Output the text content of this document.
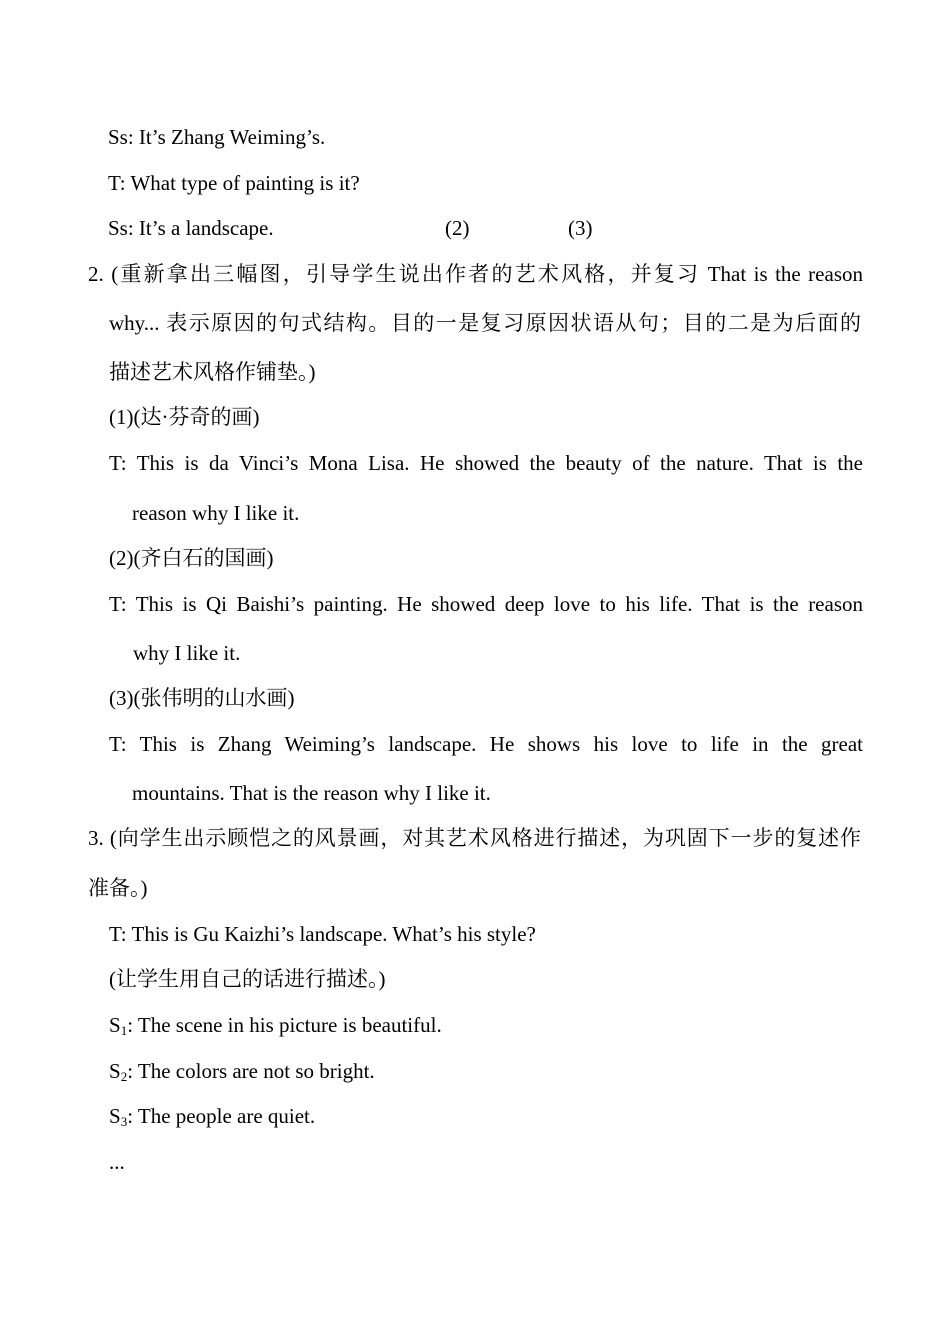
Ss: It’s Zhang Weiming’s.
T: What type of painting is it?
Ss: It’s a landscape.	(2)	(3)
2. (重新拿出三幅图，引导学生说出作者的艺术风格，并复习 That is the reason
why... 表示原因的句式结构。目的一是复习原因状语从句；目的二是为后面的
描述艺术风格作铺垫。)
(1)(达·芬奇的画)
T: This is da Vinci’s Mona Lisa. He showed the beauty of the nature. That is the
reason why I like it.
(2)(齐白石的国画)
T: This is Qi Baishi’s painting. He showed deep love to his life. That is the reason
why I like it.
(3)(张伟明的山水画)
T: This is Zhang Weiming’s landscape. He shows his love to life in the great
mountains. That is the reason why I like it.
3. (向学生出示顾恺之的风景画，对其艺术风格进行描述，为巩固下一步的复述作
准备。)
T: This is Gu Kaizhi’s landscape. What’s his style?
(让学生用自己的话进行描述。)
$S_1$: The scene in his picture is beautiful.
$S_2$: The colors are not so bright.
$S_3$: The people are quiet.
...
